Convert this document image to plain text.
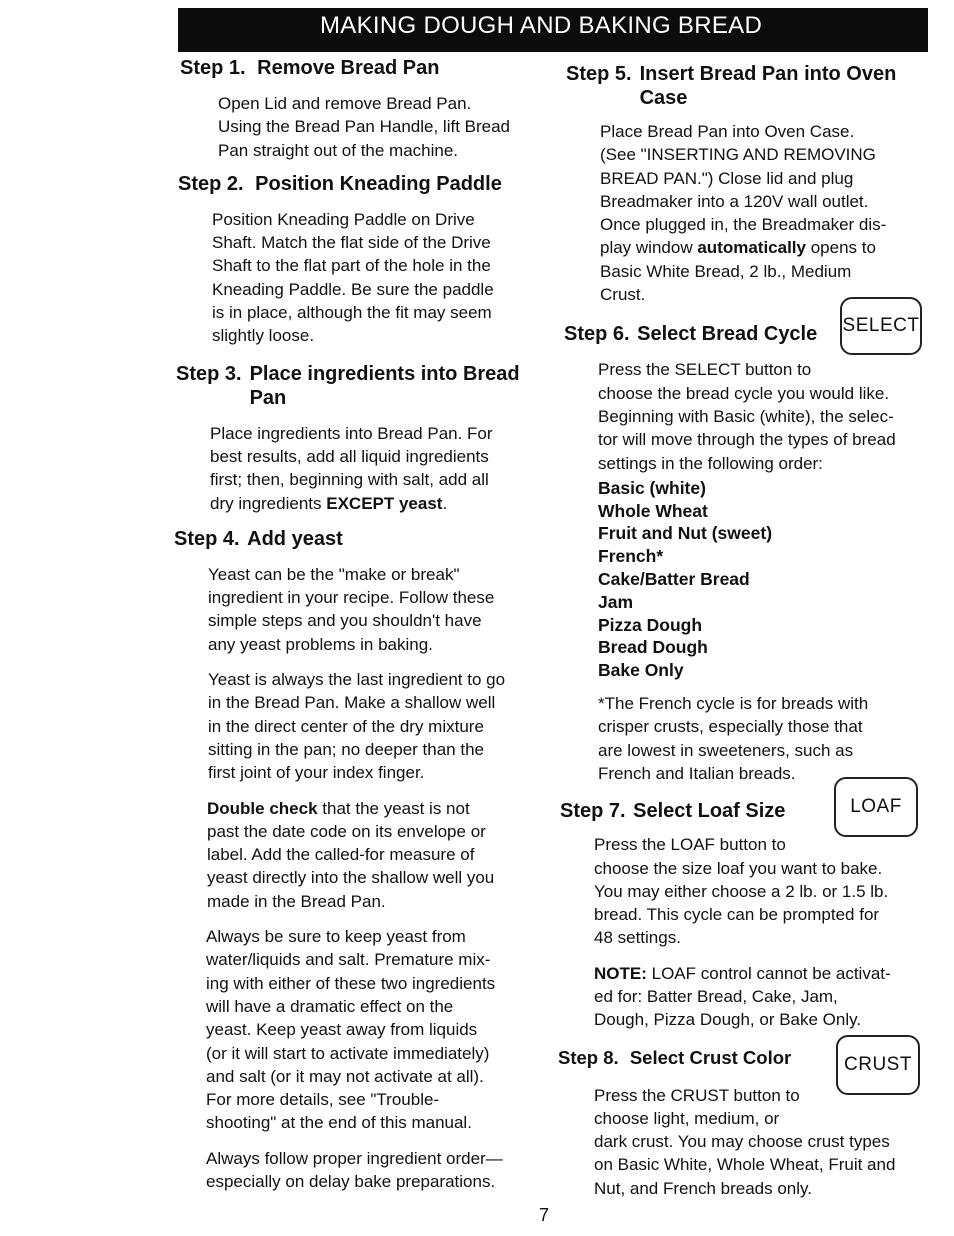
MAKING DOUGH AND BAKING BREAD
Step 1. Remove Bread Pan

Open Lid and remove Bread Pan.

Using the Bread Pan Handle, lift Bread

Pan straight out of the machine.

Step 2. Position Kneading Paddle

Position Kneading Paddle on Drive

Shaft. Match the flat side of the Drive

Shaft to the flat part of the hole in the

Kneading Paddle. Be sure the paddle

is in place, although the fit may seem

slightly loose.

Step 3. Place ingredients into Bread Pan

Place ingredients into Bread Pan. For

best results, add all liquid ingredients

first; then, beginning with salt, add all

dry ingredients EXCEPT yeast.

Step 4. Add yeast

Yeast can be the "make or break"

ingredient in your recipe. Follow these

simple steps and you shouldn't have

any yeast problems in baking.

Yeast is always the last ingredient to go

in the Bread Pan. Make a shallow well

in the direct center of the dry mixture

sitting in the pan; no deeper than the

first joint of your index finger.

Double check that the yeast is not

past the date code on its envelope or

label. Add the called-for measure of

yeast directly into the shallow well you

made in the Bread Pan.

Always be sure to keep yeast from

water/liquids and salt. Premature mix-

ing with either of these two ingredients

will have a dramatic effect on the

yeast. Keep yeast away from liquids

(or it will start to activate immediately)

and salt (or it may not activate at all).

For more details, see "Trouble-

shooting" at the end of this manual.

Always follow proper ingredient order—

especially on delay bake preparations.

Step 5. Insert Bread Pan into Oven Case

Place Bread Pan into Oven Case.

(See "INSERTING AND REMOVING

BREAD PAN.") Close lid and plug

Breadmaker into a 120V wall outlet.

Once plugged in, the Breadmaker dis-

play window automatically opens to

Basic White Bread, 2 lb., Medium

Crust.

Step 6. Select Bread Cycle

Press the SELECT button to

choose the bread cycle you would like.

Beginning with Basic (white), the selec-

tor will move through the types of bread

settings in the following order:

Basic (white)
Whole Wheat
Fruit and Nut (sweet)
French*
Cake/Batter Bread
Jam
Pizza Dough
Bread Dough
Bake Only

*The French cycle is for breads with

crisper crusts, especially those that

are lowest in sweeteners, such as

French and Italian breads.

Step 7. Select Loaf Size

Press the LOAF button to

choose the size loaf you want to bake.

You may either choose a 2 lb. or 1.5 lb.

bread. This cycle can be prompted for

48 settings.

NOTE: LOAF control cannot be activat-

ed for: Batter Bread, Cake, Jam,

Dough, Pizza Dough, or Bake Only.

Step 8. Select Crust Color

Press the CRUST button to

choose light, medium, or

dark crust. You may choose crust types

on Basic White, Whole Wheat, Fruit and

Nut, and French breads only.

SELECT
LOAF
CRUST
7
